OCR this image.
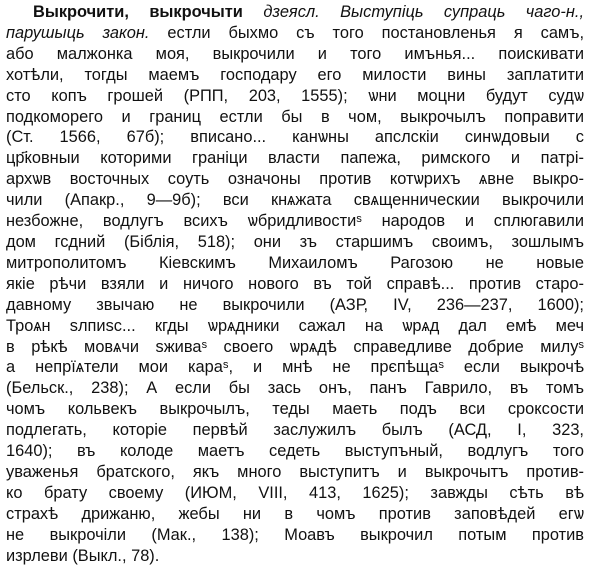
Выкрочити, выкрочыти дзеясл. Выступіць супраць чаго-н.,
парушыць закон. естли быхмо съ того постановленья я самъ,
або малжонка моя, выкрочили и того имънья... поискивати
хотѣли, тогды маемъ господару его милости вины заплатити
сто копъ грошей (РПП, 203, 1555); ѡни моцни будут судѡ
подкоморего и границ естли бы в чом, выкрочылъ поправити
(Ст. 1566, 67б); вписано... канѡны апслскіи синѡдовыи с
цр҃ковныи которими граніци власти папежа, римского и патрі-
архѡв восточных соуть означоны против котѡрихъ ѧвне выкро-
чили (Апакр., 9—9б); вси кнѧжата свѧщенническии выкрочили
незбожне, водлугъ всихъ ѡбридливостиˢ народов и сплюгавили
дом гсдний (Біблія, 518); они зъ старшимъ своимъ, зошлымъ
митрополитомъ Кіевскимъ Михаиломъ Рагозою не новые
якіе рѣчи взяли и ничого нового въ той справѣ... против старо-
давному звычаю не выкрочили (АЗР, IV, 236—237, 1600);
Троѧн ѕлпиѕс... кгды ѡрѧдники сажал на ѡрѧд дал емѣ меч
в рѣкѣ мовѧчи ѕживаˢ своего ѡрѧдѣ справедливе добрие милуˢ
а непрїѧтели мои караˢ, и мнѣ не прєпѣщаˢ если выкрочѣ
(Бельск., 238); А если бы зась онъ, панъ Гаврило, въ томъ
чомъ кольвекъ выкрочылъ, теды маеть подъ вси сроксости
подлегать, которіе первѣй заслужилъ былъ (АСД, I, 323,
1640); въ колоде маетъ седеть выступъный, водлугъ того
уваженья братского, якъ много выступитъ и выкрочытъ против-
ко брату своему (ИЮМ, VIII, 413, 1625); завжды сѣть вѣ
страхѣ дрижаню, жебы ни в чомъ против заповѣдей егѡ
не выкрочіли (Мак., 138); Моавъ выкрочил потым против
изрлеви (Выкл., 78).
